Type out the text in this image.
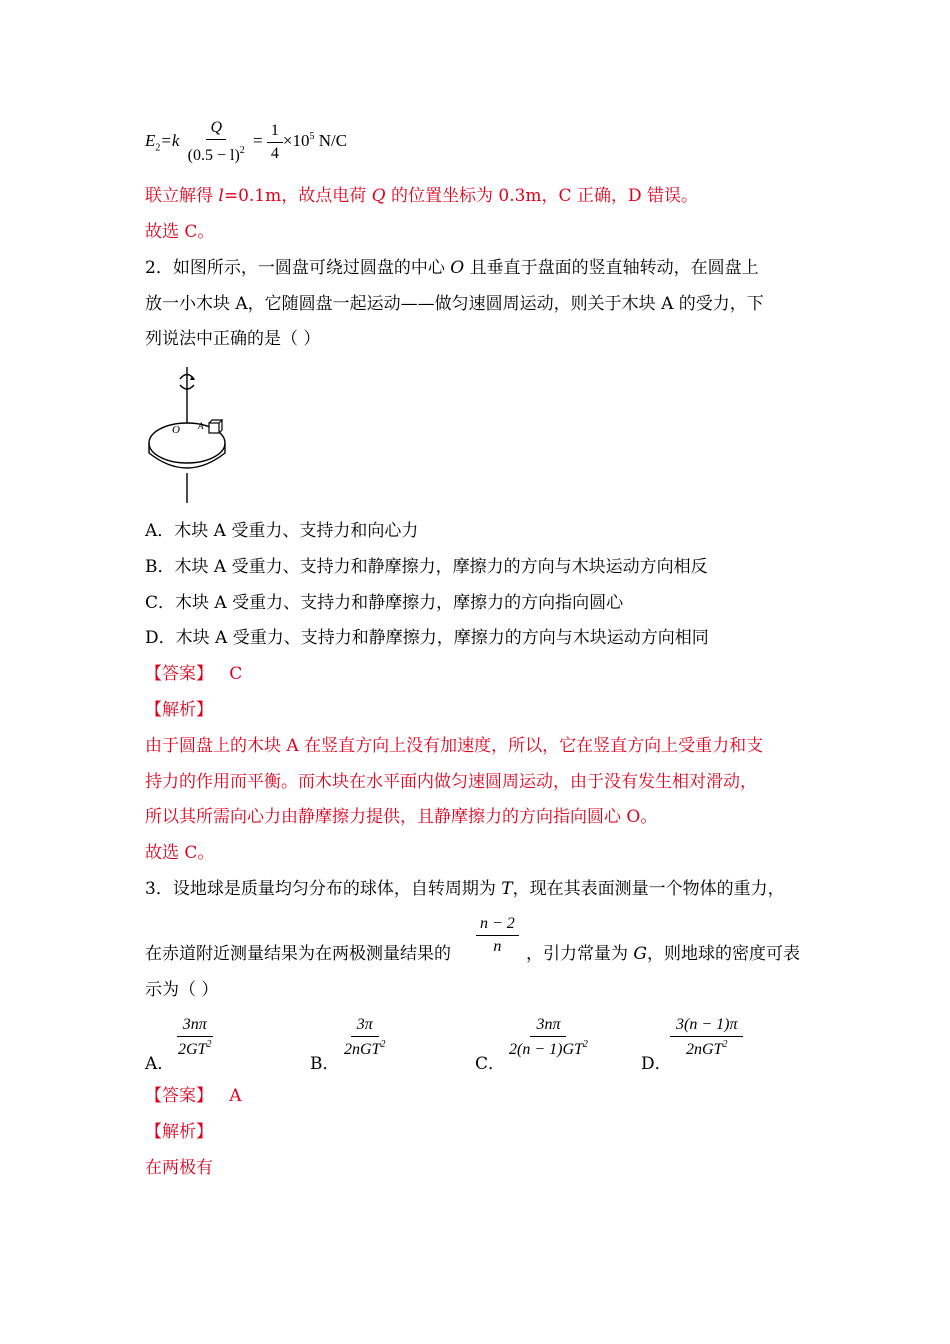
$E_2=k \frac{Q}{(0.5 - l)^2} = \frac{1}{4} \times 10^5$ N/C
联立解得 l=0.1m，故点电荷 Q 的位置坐标为 0.3m，C 正确，D 错误。
故选 C。
2．如图所示，一圆盘可绕过圆盘的中心 O 且垂直于盘面的竖直轴转动，在圆盘上
放一小木块 A，它随圆盘一起运动——做匀速圆周运动，则关于木块 A 的受力，下
列说法中正确的是（ ）
O A
A．木块 A 受重力、支持力和向心力
B．木块 A 受重力、支持力和静摩擦力，摩擦力的方向与木块运动方向相反
C．木块 A 受重力、支持力和静摩擦力，摩擦力的方向指向圆心
D．木块 A 受重力、支持力和静摩擦力，摩擦力的方向与木块运动方向相同
【答案】 C
【解析】
由于圆盘上的木块 A 在竖直方向上没有加速度，所以，它在竖直方向上受重力和支
持力的作用而平衡。而木块在水平面内做匀速圆周运动，由于没有发生相对滑动，
所以其所需向心力由静摩擦力提供，且静摩擦力的方向指向圆心 O。
故选 C。
3．设地球是质量均匀分布的球体，自转周期为 T，现在其表面测量一个物体的重力，
$\frac{n - 2}{n}$
在赤道附近测量结果为在两极测量结果的	，引力常量为 G，则地球的密度可表
示为（ ）
A．
$\frac{3n\pi}{2GT^2}$
B．
3π
2nGT$^2$
C．
$\frac{3n\pi}{2(n - 1)GT^2}$
D．
3(n − 1)π
2nGT$^2$
【答案】 A
【解析】
在两极有
